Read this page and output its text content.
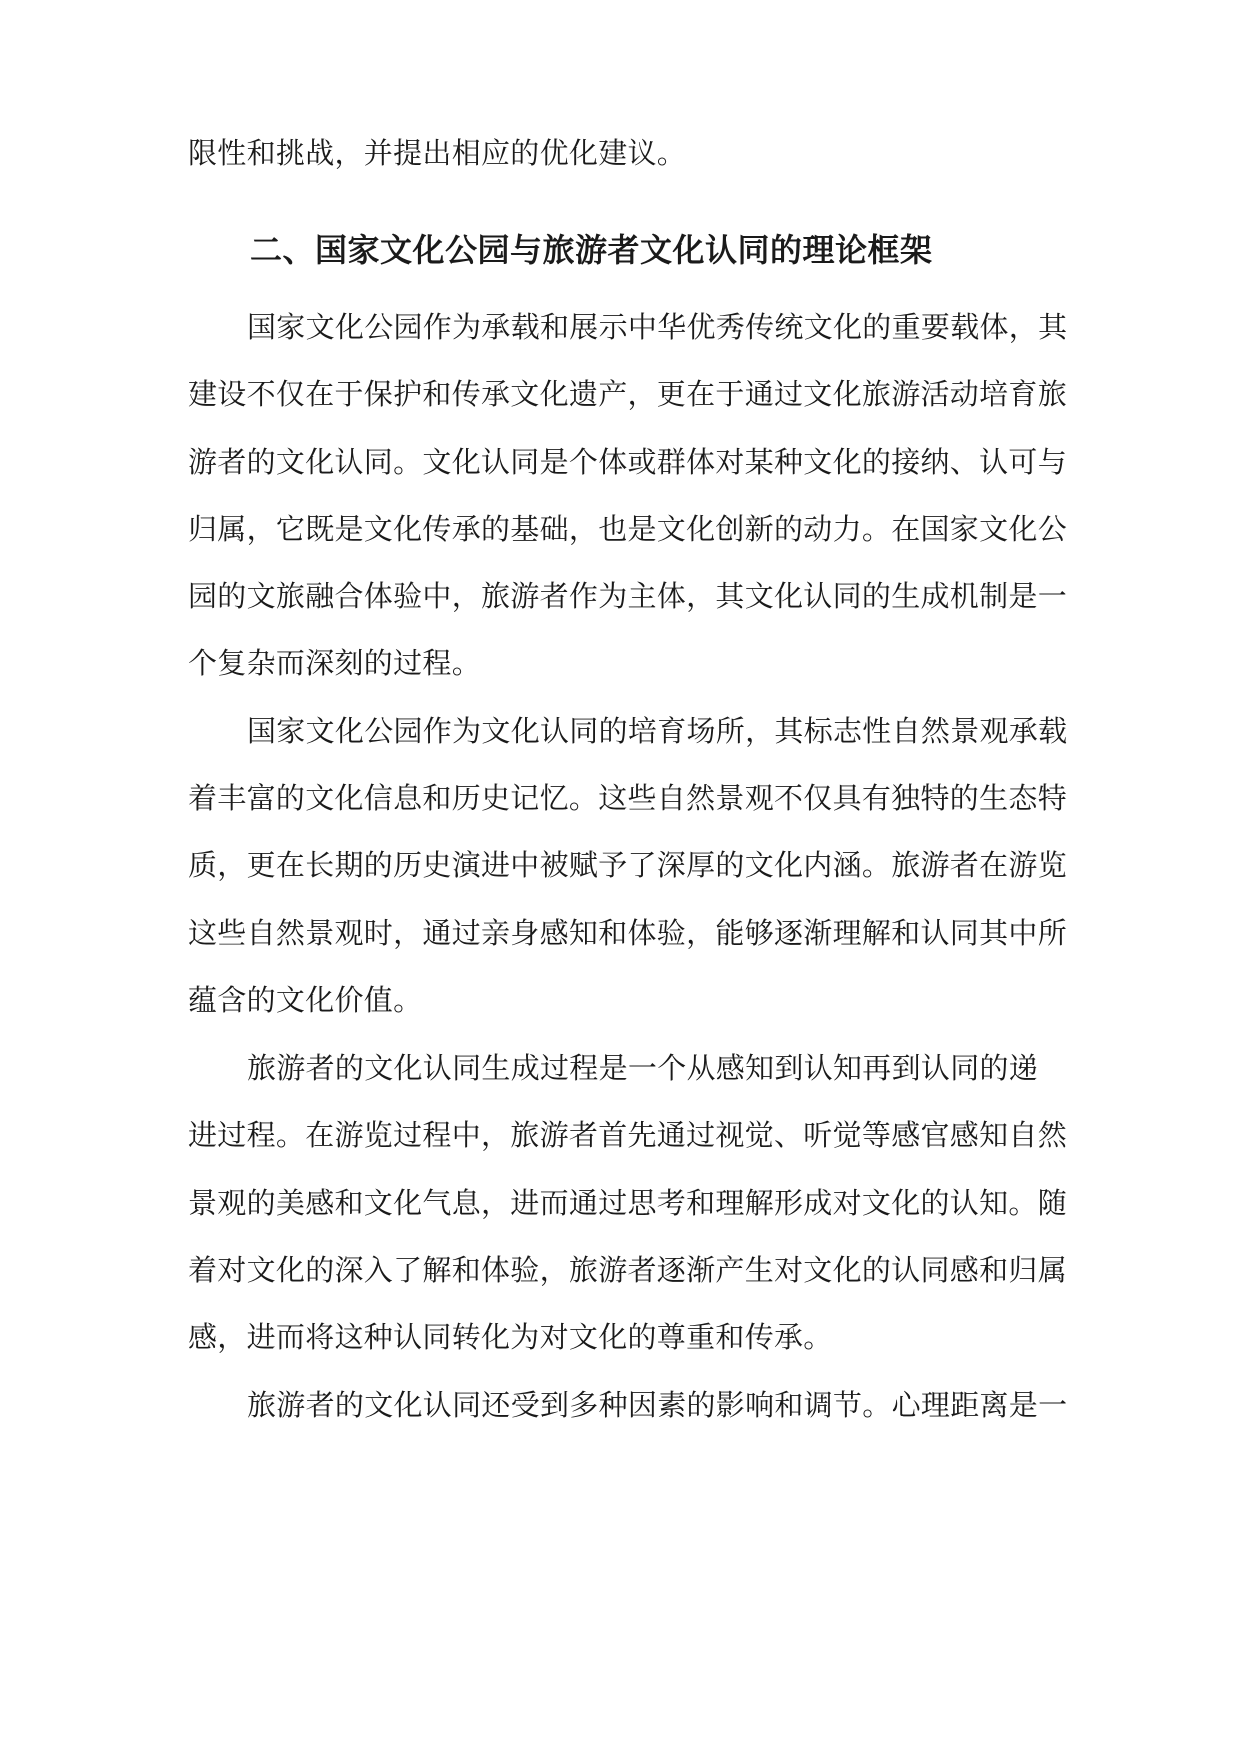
限性和挑战，并提出相应的优化建议。
二、国家文化公园与旅游者文化认同的理论框架
国家文化公园作为承载和展示中华优秀传统文化的重要载体，其
建设不仅在于保护和传承文化遗产，更在于通过文化旅游活动培育旅
游者的文化认同。文化认同是个体或群体对某种文化的接纳、认可与
归属，它既是文化传承的基础，也是文化创新的动力。在国家文化公
园的文旅融合体验中，旅游者作为主体，其文化认同的生成机制是一
个复杂而深刻的过程。
国家文化公园作为文化认同的培育场所，其标志性自然景观承载
着丰富的文化信息和历史记忆。这些自然景观不仅具有独特的生态特
质，更在长期的历史演进中被赋予了深厚的文化内涵。旅游者在游览
这些自然景观时，通过亲身感知和体验，能够逐渐理解和认同其中所
蕴含的文化价值。
旅游者的文化认同生成过程是一个从感知到认知再到认同的递
进过程。在游览过程中，旅游者首先通过视觉、听觉等感官感知自然
景观的美感和文化气息，进而通过思考和理解形成对文化的认知。随
着对文化的深入了解和体验，旅游者逐渐产生对文化的认同感和归属
感，进而将这种认同转化为对文化的尊重和传承。
旅游者的文化认同还受到多种因素的影响和调节。心理距离是一
